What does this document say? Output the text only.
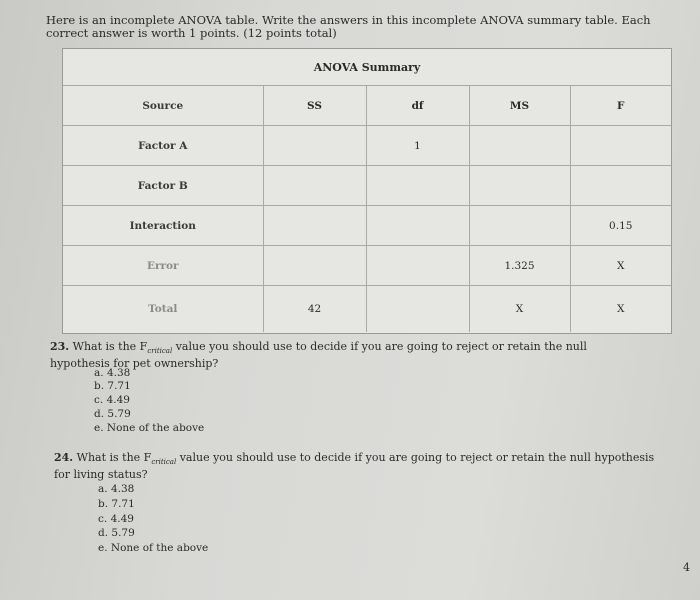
Here is an incomplete ANOVA table. Write the answers in this incomplete ANOVA summary table. Each correct answer is worth 1 points. (12 points total)
ANOVA Summary
Source	SS	df	MS	F
Factor A		1		
Factor B				
Interaction				0.15
Error			1.325	X
Total	42		X	X
23. What is the $F_{critical}$ value you should use to decide if you are going to reject or retain the null hypothesis for pet ownership?
a. 4.38
b. 7.71
c. 4.49
d. 5.79
e. None of the above
24. What is the $F_{critical}$ value you should use to decide if you are going to reject or retain the null hypothesis for living status?
a. 4.38
b. 7.71
c. 4.49
d. 5.79
e. None of the above
4
